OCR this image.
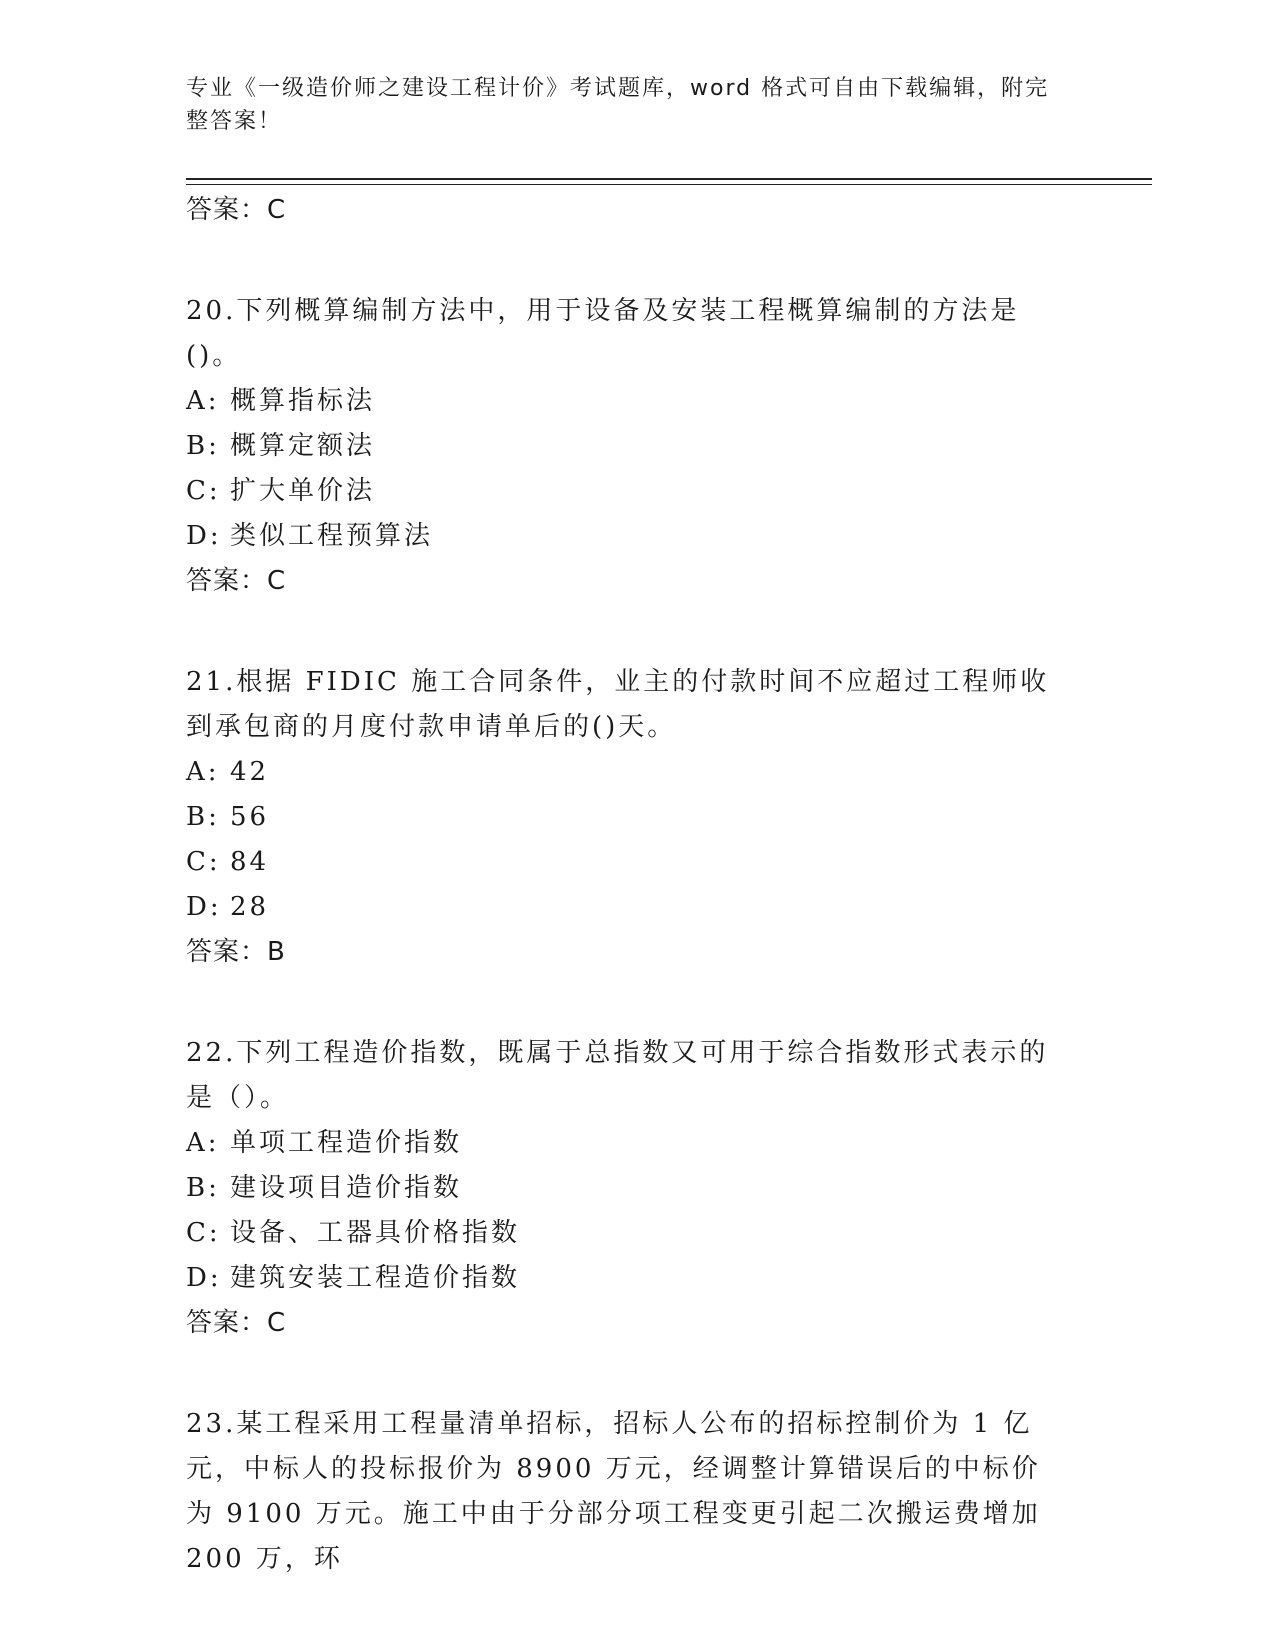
专业《一级造价师之建设工程计价》考试题库，word 格式可自由下载编辑，附完整答案！

答案：C

20.下列概算编制方法中，用于设备及安装工程概算编制的方法是()。

A: 概算指标法

B: 概算定额法

C: 扩大单价法

D: 类似工程预算法

答案：C

21.根据 FIDIC 施工合同条件，业主的付款时间不应超过工程师收到承包商的月度付款申请单后的()天。

A: 42

B: 56

C: 84

D: 28

答案：B

22.下列工程造价指数，既属于总指数又可用于综合指数形式表示的是（）。

A: 单项工程造价指数

B: 建设项目造价指数

C: 设备、工器具价格指数

D: 建筑安装工程造价指数

答案：C

23.某工程采用工程量清单招标，招标人公布的招标控制价为 1 亿元，中标人的投标报价为 8900 万元，经调整计算错误后的中标价为 9100 万元。施工中由于分部分项工程变更引起二次搬运费增加 200 万，环
